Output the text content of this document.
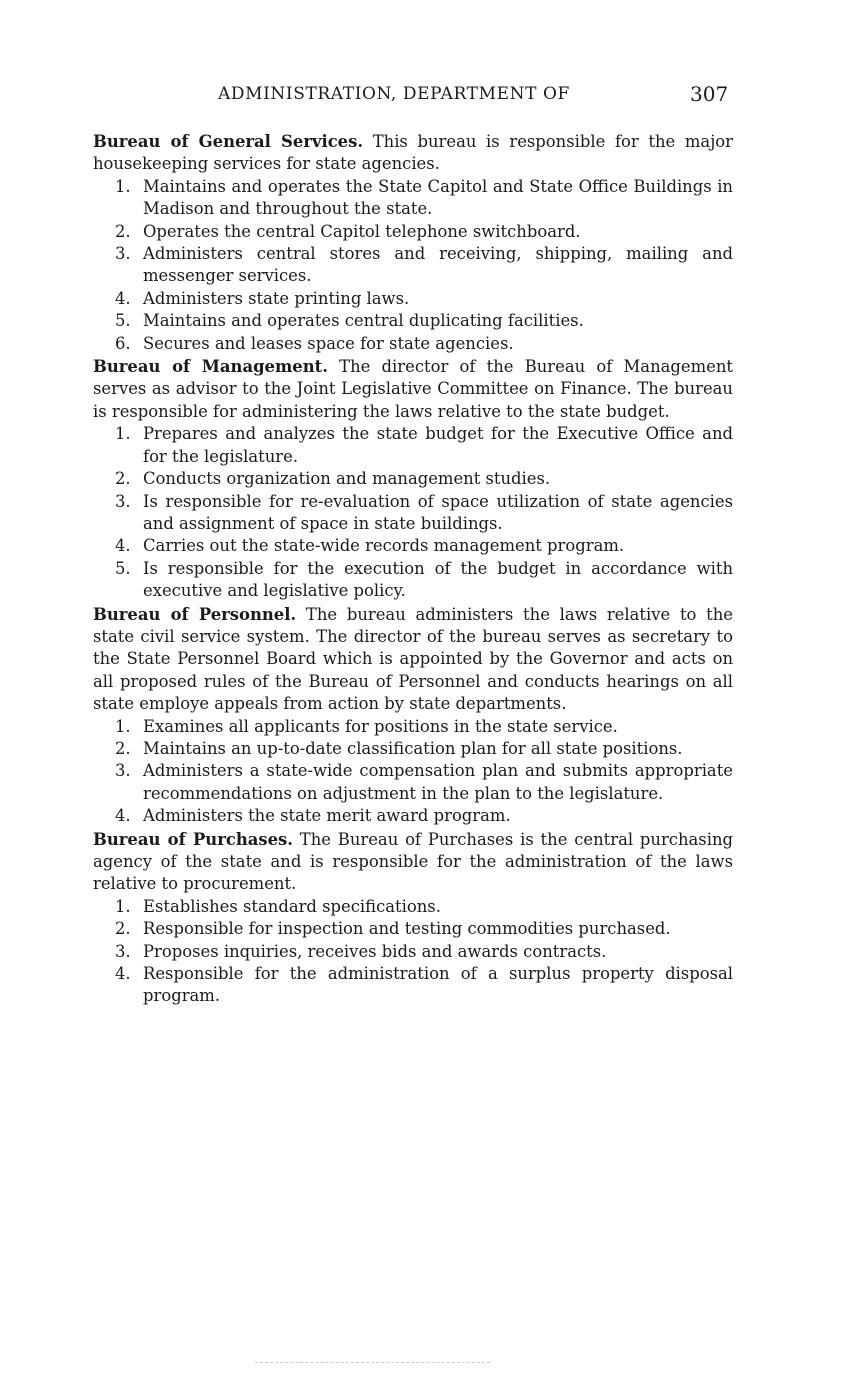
ADMINISTRATION, DEPARTMENT OF	307
Bureau of General Services. This bureau is responsible for the major housekeeping services for state agencies.
1. Maintains and operates the State Capitol and State Office Buildings in Madison and throughout the state.
2. Operates the central Capitol telephone switchboard.
3. Administers central stores and receiving, shipping, mailing and messenger services.
4. Administers state printing laws.
5. Maintains and operates central duplicating facilities.
6. Secures and leases space for state agencies.
Bureau of Management. The director of the Bureau of Management serves as advisor to the Joint Legislative Committee on Finance. The bureau is responsible for administering the laws relative to the state budget.
1. Prepares and analyzes the state budget for the Executive Office and for the legislature.
2. Conducts organization and management studies.
3. Is responsible for re-evaluation of space utilization of state agencies and assignment of space in state buildings.
4. Carries out the state-wide records management program.
5. Is responsible for the execution of the budget in accordance with executive and legislative policy.
Bureau of Personnel. The bureau administers the laws relative to the state civil service system. The director of the bureau serves as secretary to the State Personnel Board which is appointed by the Governor and acts on all proposed rules of the Bureau of Personnel and conducts hearings on all state employe appeals from action by state departments.
1. Examines all applicants for positions in the state service.
2. Maintains an up-to-date classification plan for all state positions.
3. Administers a state-wide compensation plan and submits appropriate recommendations on adjustment in the plan to the legislature.
4. Administers the state merit award program.
Bureau of Purchases. The Bureau of Purchases is the central purchasing agency of the state and is responsible for the administration of the laws relative to procurement.
1. Establishes standard specifications.
2. Responsible for inspection and testing commodities purchased.
3. Proposes inquiries, receives bids and awards contracts.
4. Responsible for the administration of a surplus property disposal program.
